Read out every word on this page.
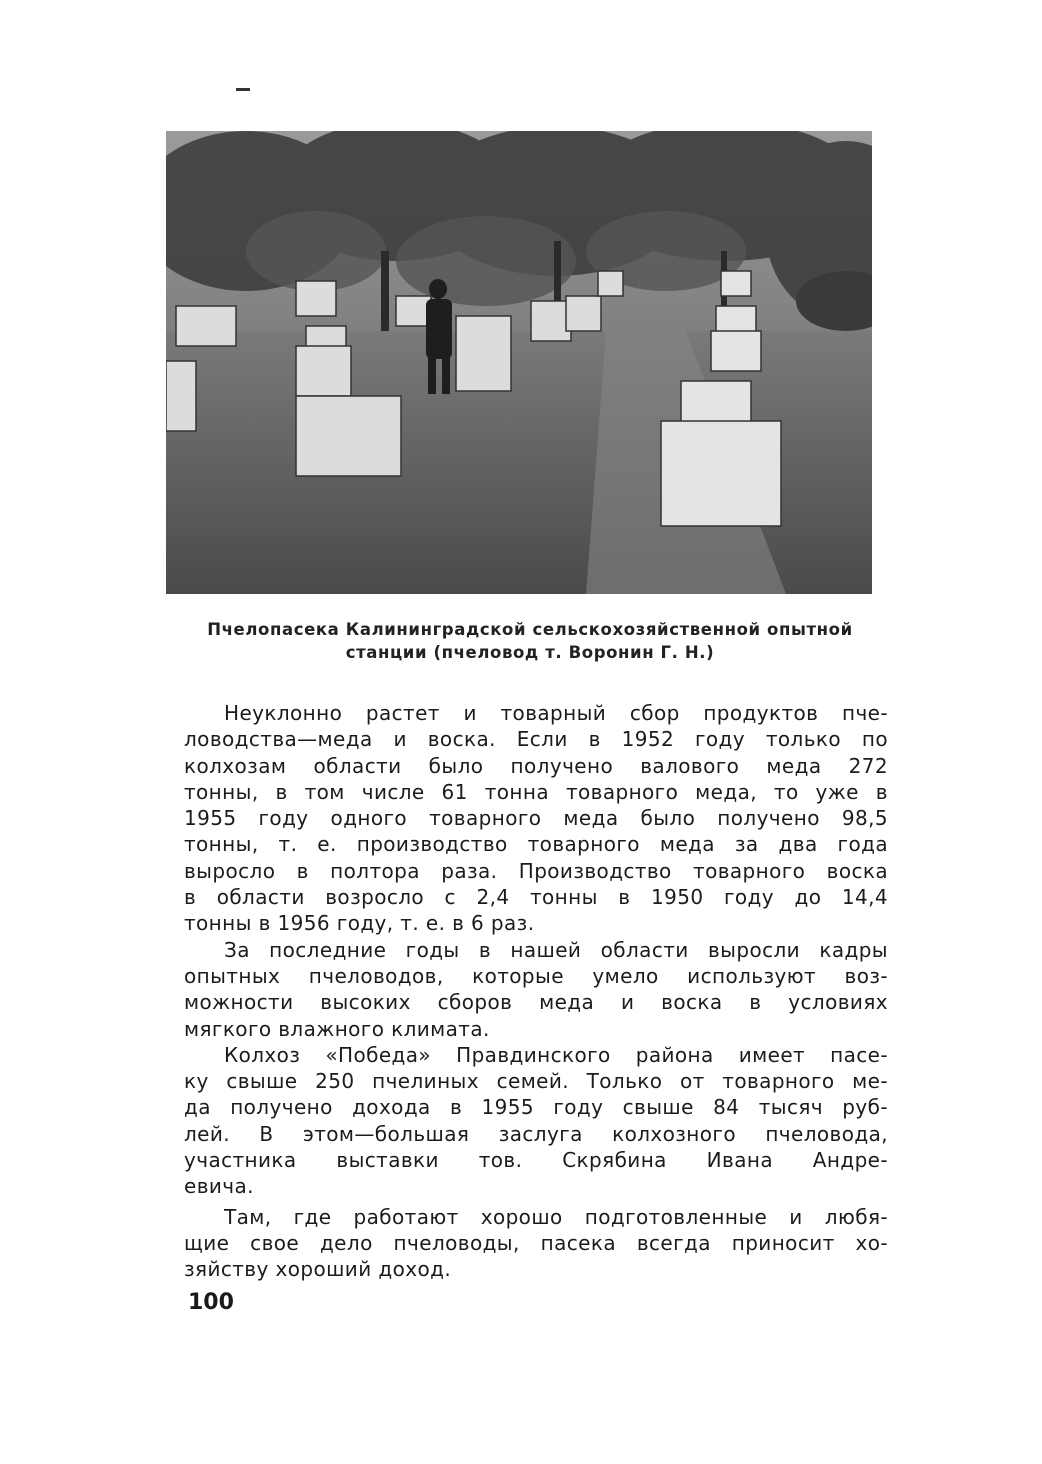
Пчелопасека Калининградской сельскохозяйственной опытной
станции (пчеловод т. Воронин Г. Н.)
Неуклонно растет и товарный сбор продуктов пче-
ловодства—меда и воска. Если в 1952 году только по
колхозам области было получено валового меда 272
тонны, в том числе 61 тонна товарного меда, то уже в
1955 году одного товарного меда было получено 98,5
тонны, т. е. производство товарного меда за два года
выросло в полтора раза. Производство товарного воска
в области возросло с 2,4 тонны в 1950 году до 14,4
тонны в 1956 году, т. е. в 6 раз.
За последние годы в нашей области выросли кадры
опытных пчеловодов, которые умело используют воз-
можности высоких сборов меда и воска в условиях
мягкого влажного климата.
Колхоз «Победа» Правдинского района имеет пасе-
ку свыше 250 пчелиных семей. Только от товарного ме-
да получено дохода в 1955 году свыше 84 тысяч руб-
лей. В этом—большая заслуга колхозного пчеловода,
участника выставки тов. Скрябина Ивана Андре-
евича.
Там, где работают хорошо подготовленные и любя-
щие свое дело пчеловоды, пасека всегда приносит хо-
зяйству хороший доход.
100
